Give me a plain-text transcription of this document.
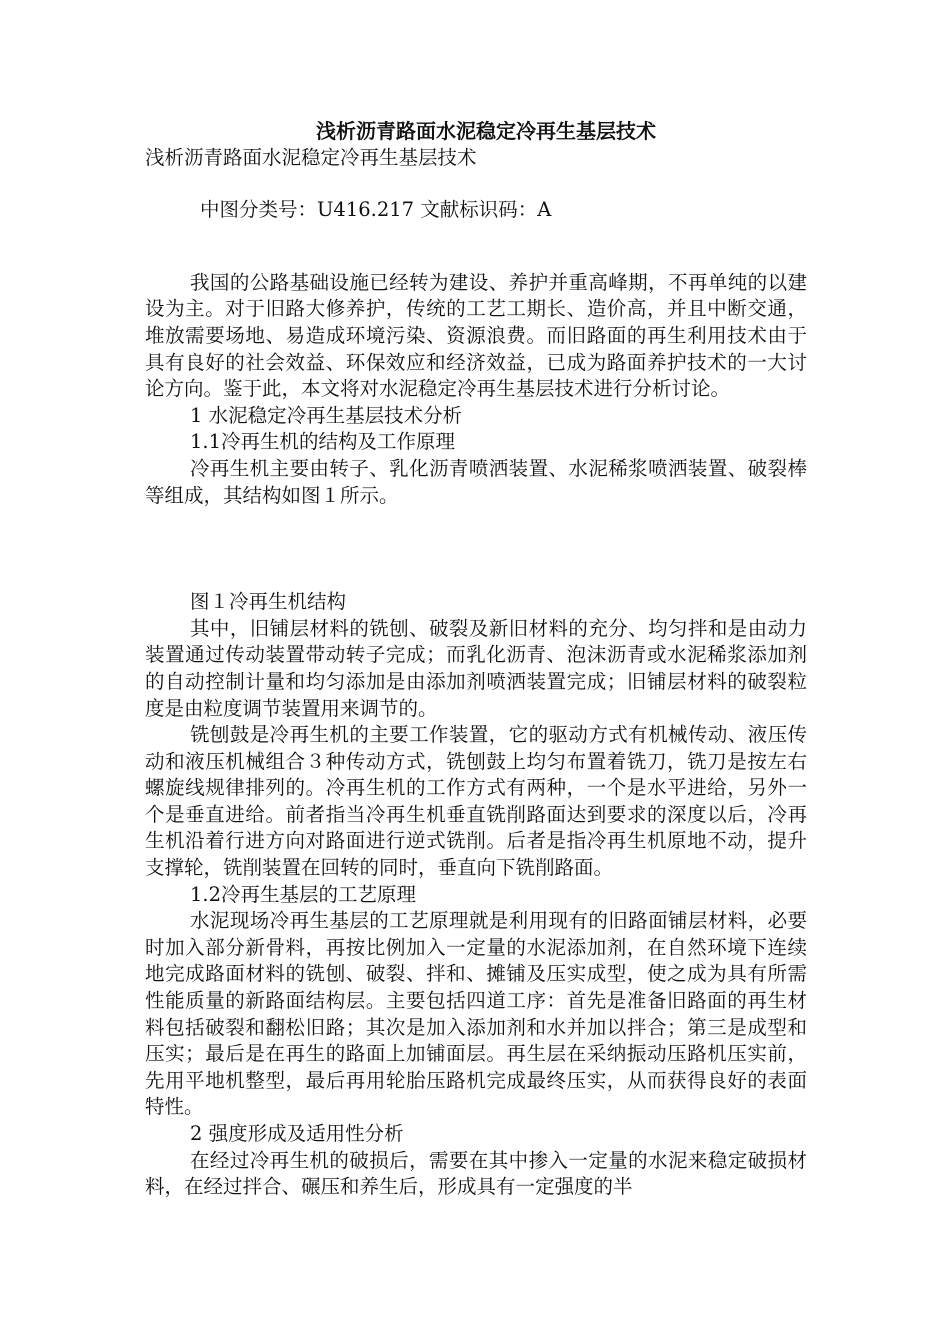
浅析沥青路面水泥稳定冷再生基层技术
浅析沥青路面水泥稳定冷再生基层技术
中图分类号：U416.217 文献标识码：A

我国的公路基础设施已经转为建设、养护并重高峰期，不再单纯的以建设为主。对于旧路大修养护，传统的工艺工期长、造价高，并且中断交通，堆放需要场地、易造成环境污染、资源浪费。而旧路面的再生利用技术由于具有良好的社会效益、环保效应和经济效益，已成为路面养护技术的一大讨论方向。鉴于此，本文将对水泥稳定冷再生基层技术进行分析讨论。

1 水泥稳定冷再生基层技术分析

1.1冷再生机的结构及工作原理

冷再生机主要由转子、乳化沥青喷洒装置、水泥稀浆喷洒装置、破裂棒等组成，其结构如图１所示。

图１冷再生机结构

其中，旧铺层材料的铣刨、破裂及新旧材料的充分、均匀拌和是由动力装置通过传动装置带动转子完成；而乳化沥青、泡沫沥青或水泥稀浆添加剂的自动控制计量和均匀添加是由添加剂喷洒装置完成；旧铺层材料的破裂粒度是由粒度调节装置用来调节的。

铣刨鼓是冷再生机的主要工作装置，它的驱动方式有机械传动、液压传动和液压机械组合３种传动方式，铣刨鼓上均匀布置着铣刀，铣刀是按左右螺旋线规律排列的。冷再生机的工作方式有两种，一个是水平进给，另外一个是垂直进给。前者指当冷再生机垂直铣削路面达到要求的深度以后，冷再生机沿着行进方向对路面进行逆式铣削。后者是指冷再生机原地不动，提升支撑轮，铣削装置在回转的同时，垂直向下铣削路面。

1.2冷再生基层的工艺原理

水泥现场冷再生基层的工艺原理就是利用现有的旧路面铺层材料，必要时加入部分新骨料，再按比例加入一定量的水泥添加剂，在自然环境下连续地完成路面材料的铣刨、破裂、拌和、摊铺及压实成型，使之成为具有所需性能质量的新路面结构层。主要包括四道工序：首先是准备旧路面的再生材料包括破裂和翻松旧路；其次是加入添加剂和水并加以拌合；第三是成型和压实；最后是在再生的路面上加铺面层。再生层在采纳振动压路机压实前，先用平地机整型，最后再用轮胎压路机完成最终压实，从而获得良好的表面特性。

2 强度形成及适用性分析

在经过冷再生机的破损后，需要在其中掺入一定量的水泥来稳定破损材料，在经过拌合、碾压和养生后，形成具有一定强度的半
